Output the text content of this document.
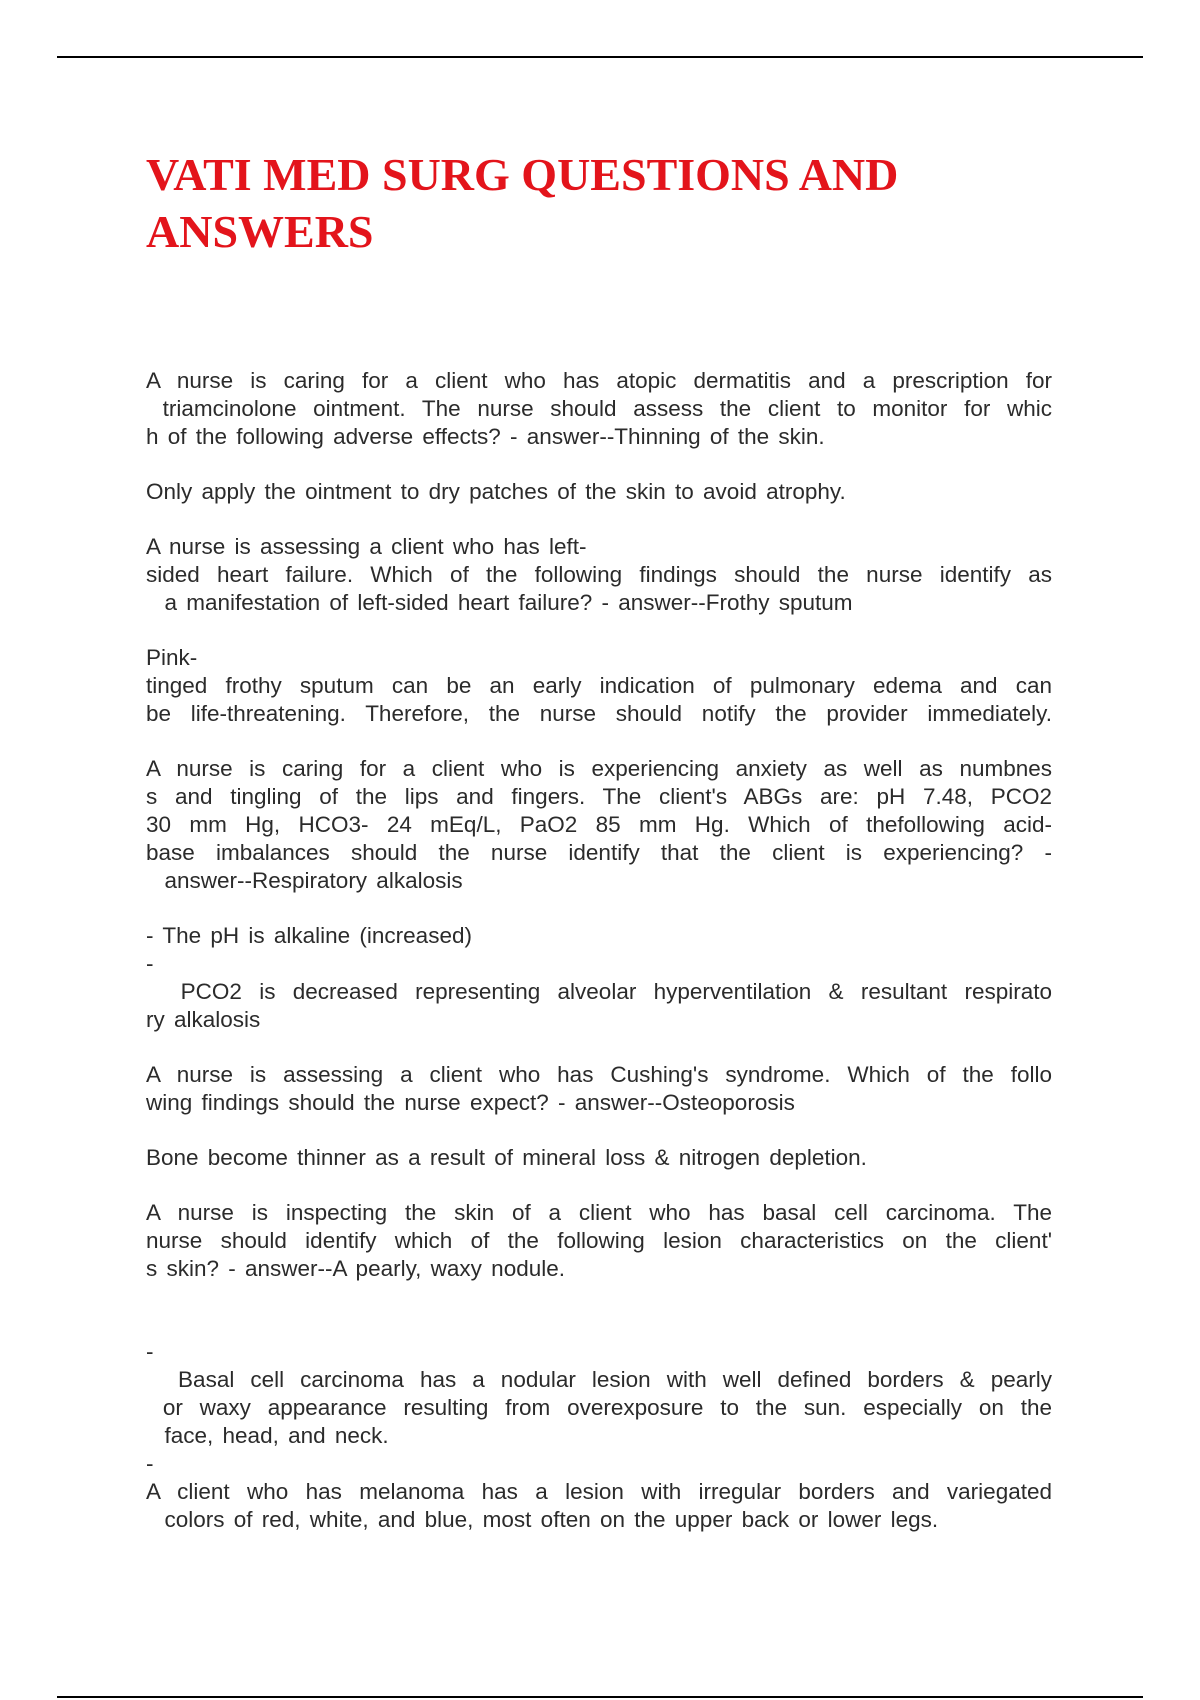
VATI MED SURG QUESTIONS AND
ANSWERS
A nurse is caring for a client who has atopic dermatitis and a prescription for
triamcinolone ointment. The nurse should assess the client to monitor for whic
h of the following adverse effects? - answer--Thinning of the skin.
Only apply the ointment to dry patches of the skin to avoid atrophy.
A nurse is assessing a client who has left-
sided heart failure. Which of the following findings should the nurse identify as
a manifestation of left-sided heart failure? - answer--Frothy sputum
Pink-
tinged frothy sputum can be an early indication of pulmonary edema and can
be life-threatening. Therefore, the nurse should notify the provider immediately.
A nurse is caring for a client who is experiencing anxiety as well as numbnes
s and tingling of the lips and fingers. The client's ABGs are: pH 7.48, PCO2
30 mm Hg, HCO3- 24 mEq/L, PaO2 85 mm Hg. Which of thefollowing acid-
base imbalances should the nurse identify that the client is experiencing? -
answer--Respiratory alkalosis
- The pH is alkaline (increased)
-
PCO2 is decreased representing alveolar hyperventilation & resultant respirato
ry alkalosis
A nurse is assessing a client who has Cushing's syndrome. Which of the follo
wing findings should the nurse expect? - answer--Osteoporosis
Bone become thinner as a result of mineral loss & nitrogen depletion.
A nurse is inspecting the skin of a client who has basal cell carcinoma. The
nurse should identify which of the following lesion characteristics on the client'
s skin? - answer--A pearly, waxy nodule.
-
Basal cell carcinoma has a nodular lesion with well defined borders & pearly
or waxy appearance resulting from overexposure to the sun. especially on the
face, head, and neck.
-
A client who has melanoma has a lesion with irregular borders and variegated
colors of red, white, and blue, most often on the upper back or lower legs.
